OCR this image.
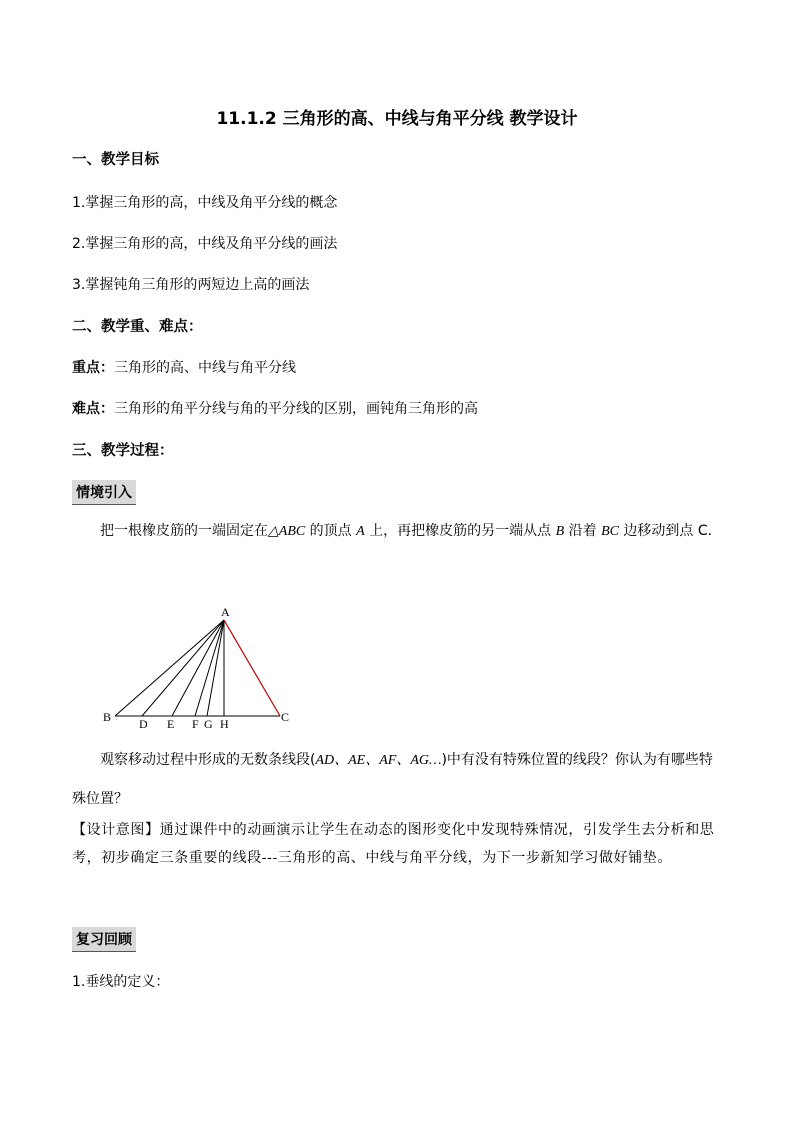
11.1.2 三角形的高、中线与角平分线 教学设计
一、教学目标
1.掌握三角形的高，中线及角平分线的概念
2.掌握三角形的高，中线及角平分线的画法
3.掌握钝角三角形的两短边上高的画法
二、教学重、难点：
重点：三角形的高、中线与角平分线
难点：三角形的角平分线与角的平分线的区别，画钝角三角形的高
三、教学过程：
情境引入
把一根橡皮筋的一端固定在△ABC 的顶点 A 上，再把橡皮筋的另一端从点 B 沿着 BC 边移动到点 C.
A
B	C
D E F G H
观察移动过程中形成的无数条线段(AD、AE、AF、AG…)中有没有特殊位置的线段？你认为有哪些特殊位置？
【设计意图】通过课件中的动画演示让学生在动态的图形变化中发现特殊情况，引发学生去分析和思考，初步确定三条重要的线段---三角形的高、中线与角平分线，为下一步新知学习做好铺垫。
复习回顾
1.垂线的定义：
